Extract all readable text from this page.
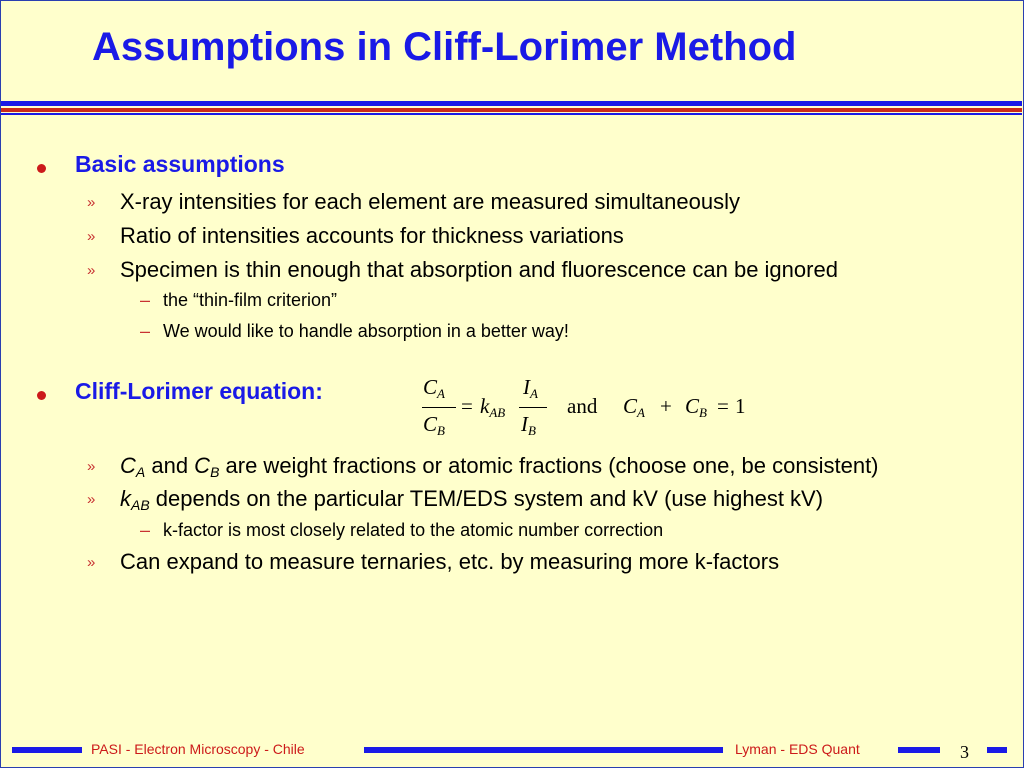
Assumptions in Cliff-Lorimer Method
Basic assumptions
» X-ray intensities for each element are measured simultaneously
» Ratio of intensities accounts for thickness variations
» Specimen is thin enough that absorption and fluorescence can be ignored
– the “thin-film criterion”
– We would like to handle absorption in a better way!
Cliff-Lorimer equation:	CA
CB
= kAB
IA
IB
and CA + CB = 1
» $C_A$ and $C_B$ are weight fractions or atomic fractions (choose one, be consistent)
» $k_{AB}$ depends on the particular TEM/EDS system and kV (use highest kV)
– k-factor is most closely related to the atomic number correction
» Can expand to measure ternaries, etc. by measuring more k-factors
PASI - Electron Microscopy - Chile	Lyman - EDS Quant	3
